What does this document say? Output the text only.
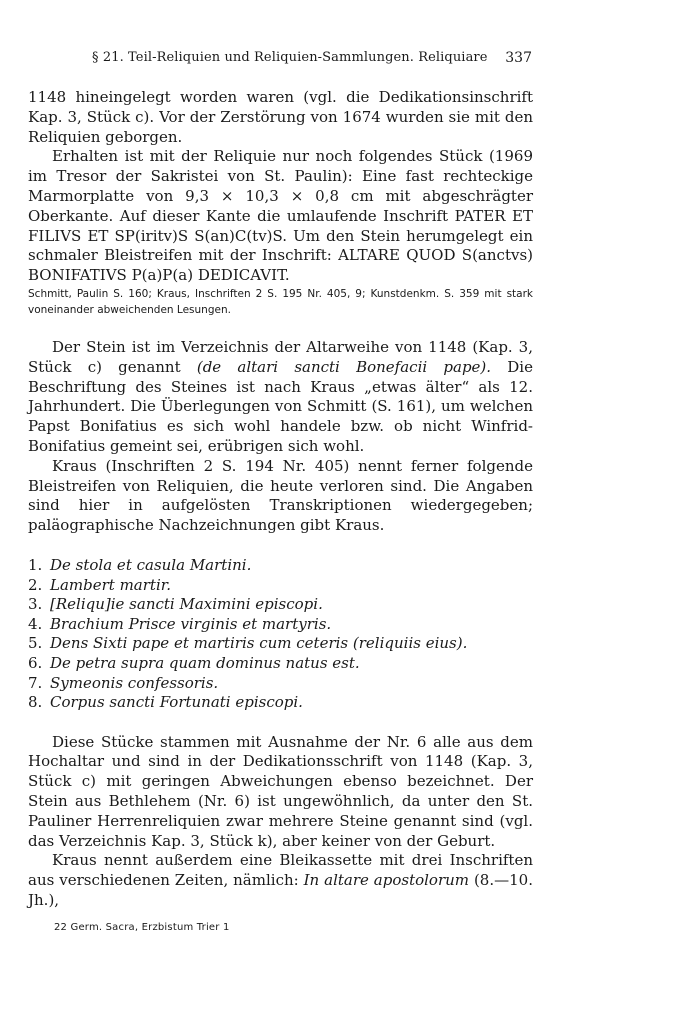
§ 21. Teil-Reliquien und Reliquien-Sammlungen. Reliquiare 337

1148 hineingelegt worden waren (vgl. die Dedikationsinschrift Kap. 3, Stück c). Vor der Zerstörung von 1674 wurden sie mit den Reliquien geborgen.

Erhalten ist mit der Reliquie nur noch folgendes Stück (1969 im Tresor der Sakristei von St. Paulin): Eine fast rechteckige Marmorplatte von 9,3 × 10,3 × 0,8 cm mit abgeschrägter Oberkante. Auf dieser Kante die umlaufende Inschrift PATER ET FILIVS ET SP(iritv)S S(an)C(tv)S. Um den Stein herumgelegt ein schmaler Bleistreifen mit der Inschrift: ALTARE QUOD S(anctvs) BONIFATIVS P(a)P(a) DEDICAVIT.

Schmitt, Paulin S. 160; Kraus, Inschriften 2 S. 195 Nr. 405, 9; Kunstdenkm. S. 359 mit stark voneinander abweichenden Lesungen.

Der Stein ist im Verzeichnis der Altarweihe von 1148 (Kap. 3, Stück c) genannt (de altari sancti Bonefacii pape). Die Beschriftung des Steines ist nach Kraus „etwas älter“ als 12. Jahrhundert. Die Überlegungen von Schmitt (S. 161), um welchen Papst Bonifatius es sich wohl handele bzw. ob nicht Winfrid-Bonifatius gemeint sei, erübrigen sich wohl.

Kraus (Inschriften 2 S. 194 Nr. 405) nennt ferner folgende Bleistreifen von Reliquien, die heute verloren sind. Die Angaben sind hier in aufgelösten Transkriptionen wiedergegeben; paläographische Nachzeichnungen gibt Kraus.

1. De stola et casula Martini.
2. Lambert martir.
3. [Reliqu]ie sancti Maximini episcopi.
4. Brachium Prisce virginis et martyris.
5. Dens Sixti pape et martiris cum ceteris (reliquiis eius).
6. De petra supra quam dominus natus est.
7. Symeonis confessoris.
8. Corpus sancti Fortunati episcopi.

Diese Stücke stammen mit Ausnahme der Nr. 6 alle aus dem Hochaltar und sind in der Dedikationsschrift von 1148 (Kap. 3, Stück c) mit geringen Abweichungen ebenso bezeichnet. Der Stein aus Bethlehem (Nr. 6) ist ungewöhnlich, da unter den St. Pauliner Herrenreliquien zwar mehrere Steine genannt sind (vgl. das Verzeichnis Kap. 3, Stück k), aber keiner von der Geburt.

Kraus nennt außerdem eine Bleikassette mit drei Inschriften aus verschiedenen Zeiten, nämlich: In altare apostolorum (8.—10. Jh.),

22 Germ. Sacra, Erzbistum Trier 1
